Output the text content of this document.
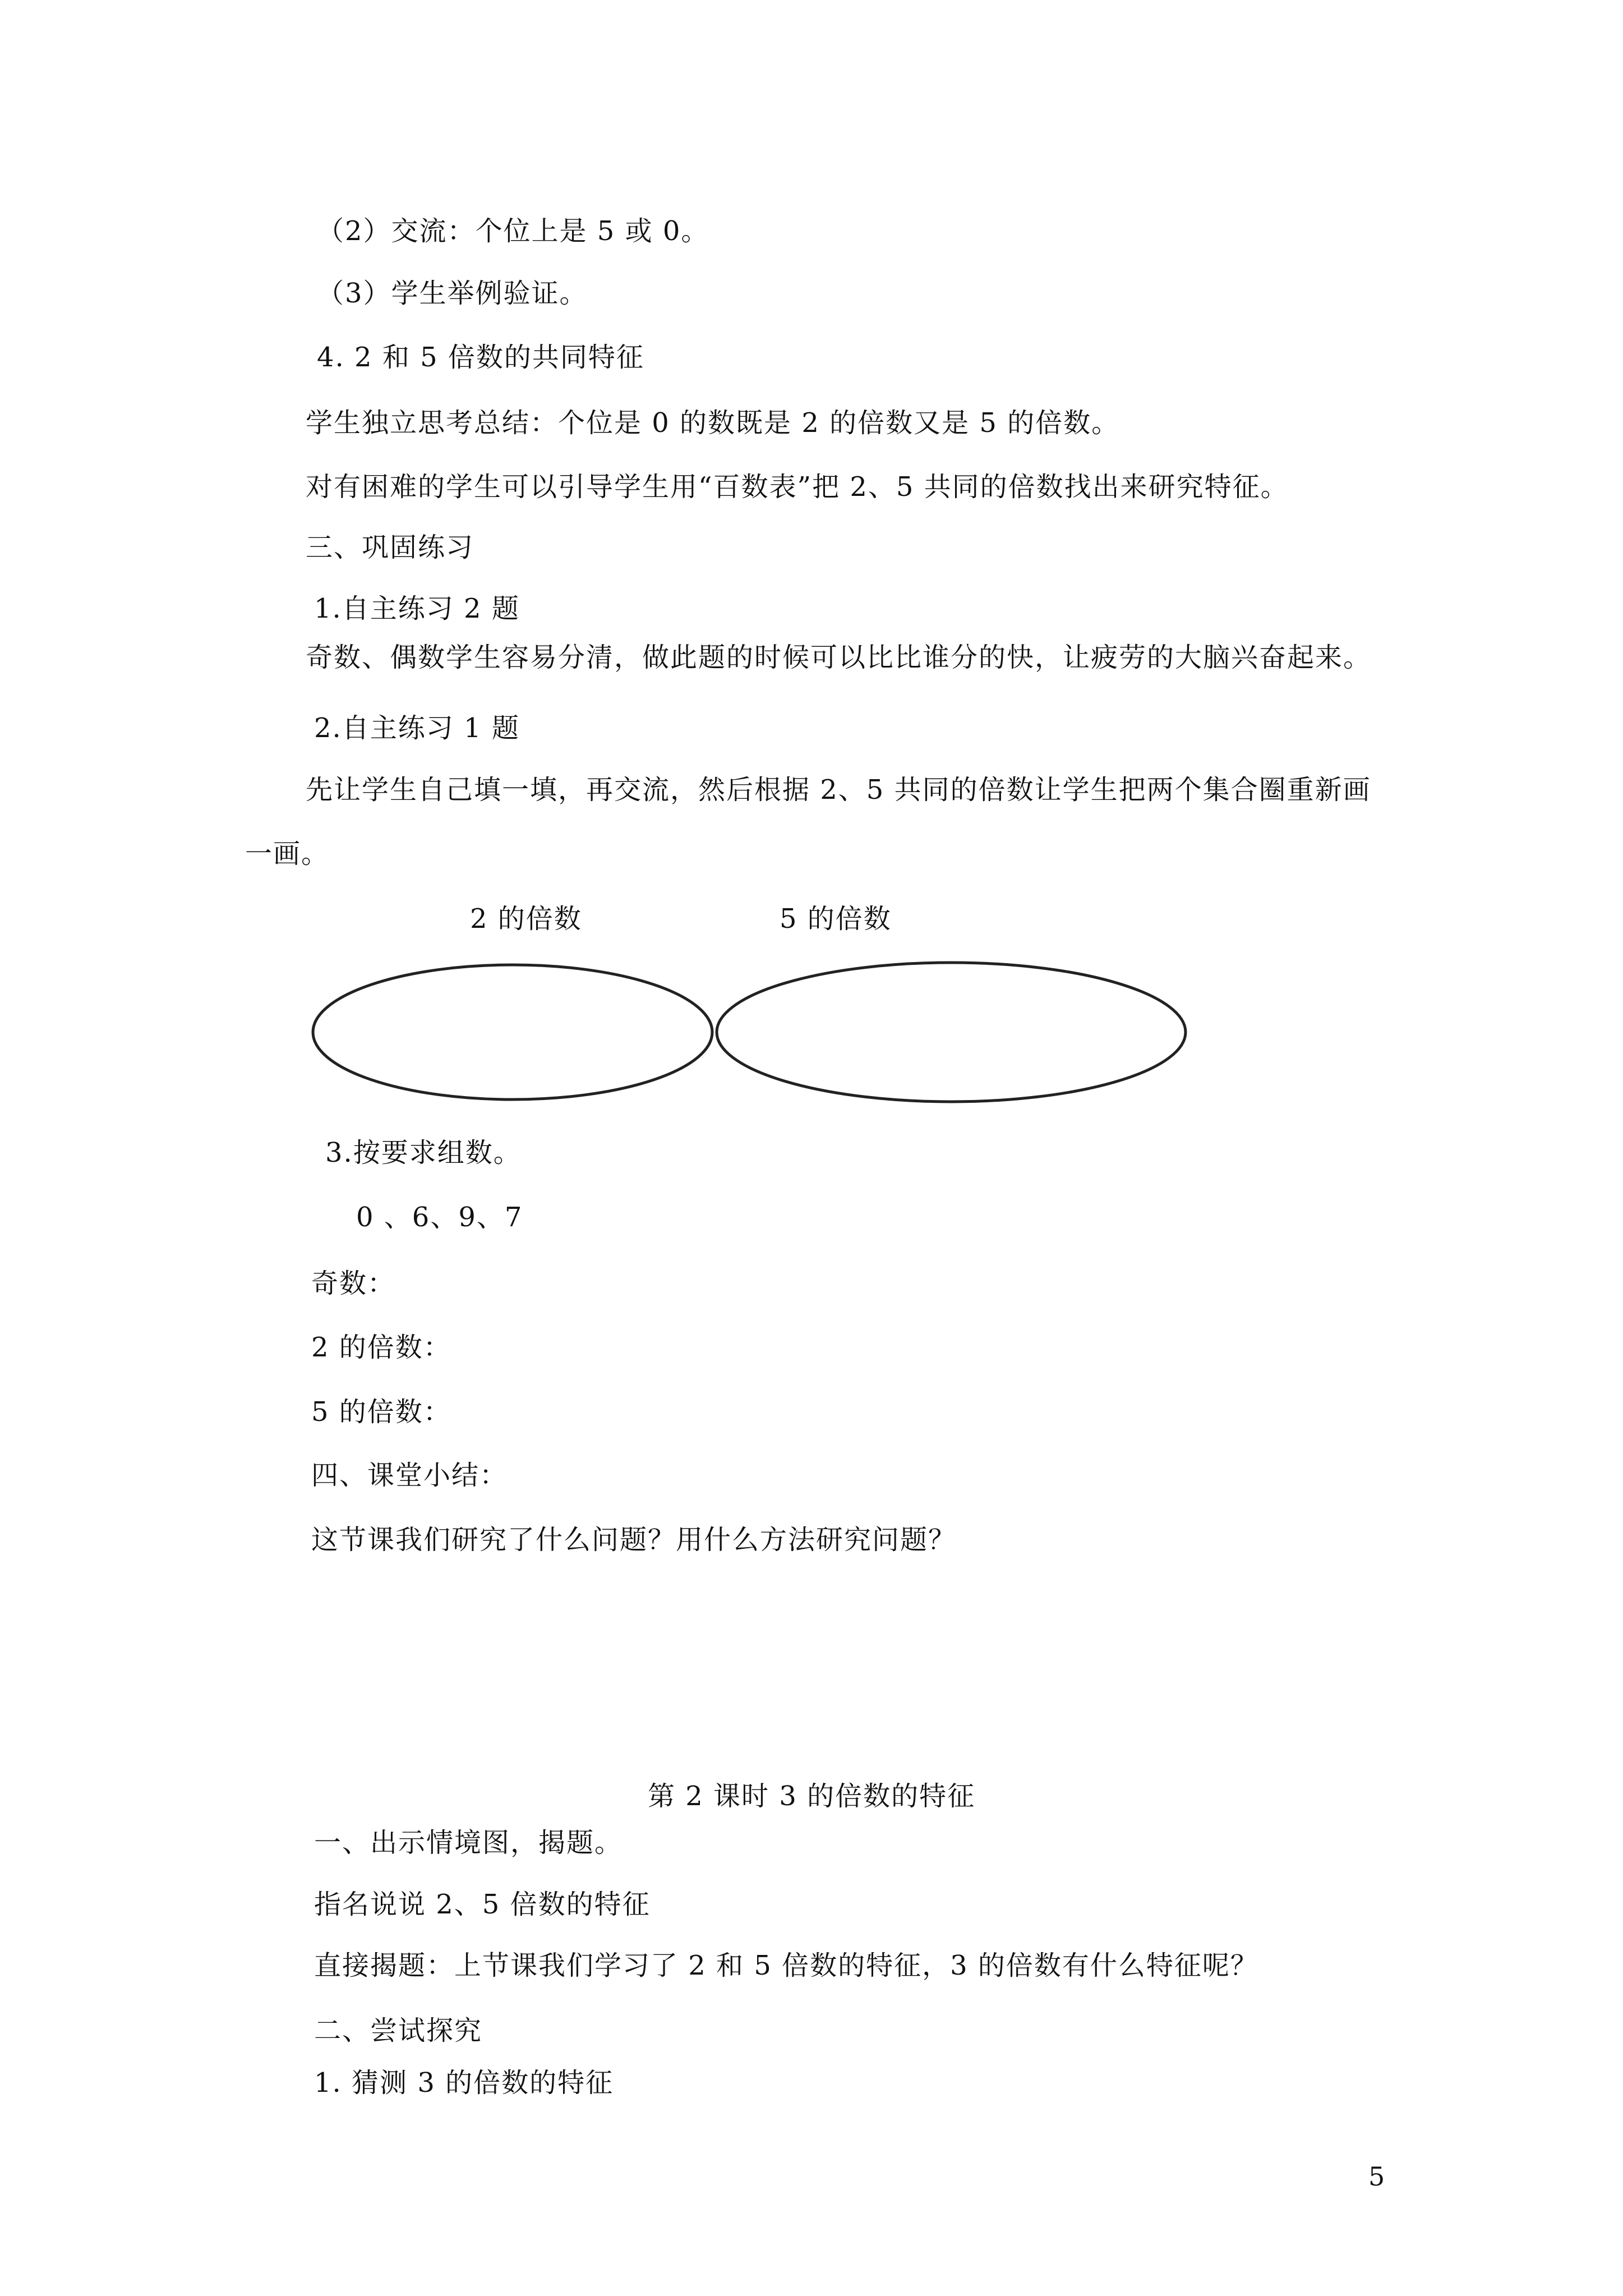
（2）交流：个位上是 5 或 0。
（3）学生举例验证。
4. 2 和 5 倍数的共同特征
学生独立思考总结：个位是 0 的数既是 2 的倍数又是 5 的倍数。
对有困难的学生可以引导学生用“百数表”把 2、5 共同的倍数找出来研究特征。
三、巩固练习
1.自主练习 2 题
奇数、偶数学生容易分清，做此题的时候可以比比谁分的快，让疲劳的大脑兴奋起来。
2.自主练习 1 题
先让学生自己填一填，再交流，然后根据 2、5 共同的倍数让学生把两个集合圈重新画
一画。
2 的倍数	5 的倍数
3.按要求组数。
0 、6、9、7
奇数：
2 的倍数：
5 的倍数：
四、课堂小结：
这节课我们研究了什么问题？用什么方法研究问题？
第 2 课时 3 的倍数的特征
一、出示情境图，揭题。
指名说说 2、5 倍数的特征
直接揭题：上节课我们学习了 2 和 5 倍数的特征，3 的倍数有什么特征呢？
二、尝试探究
1. 猜测 3 的倍数的特征
5
